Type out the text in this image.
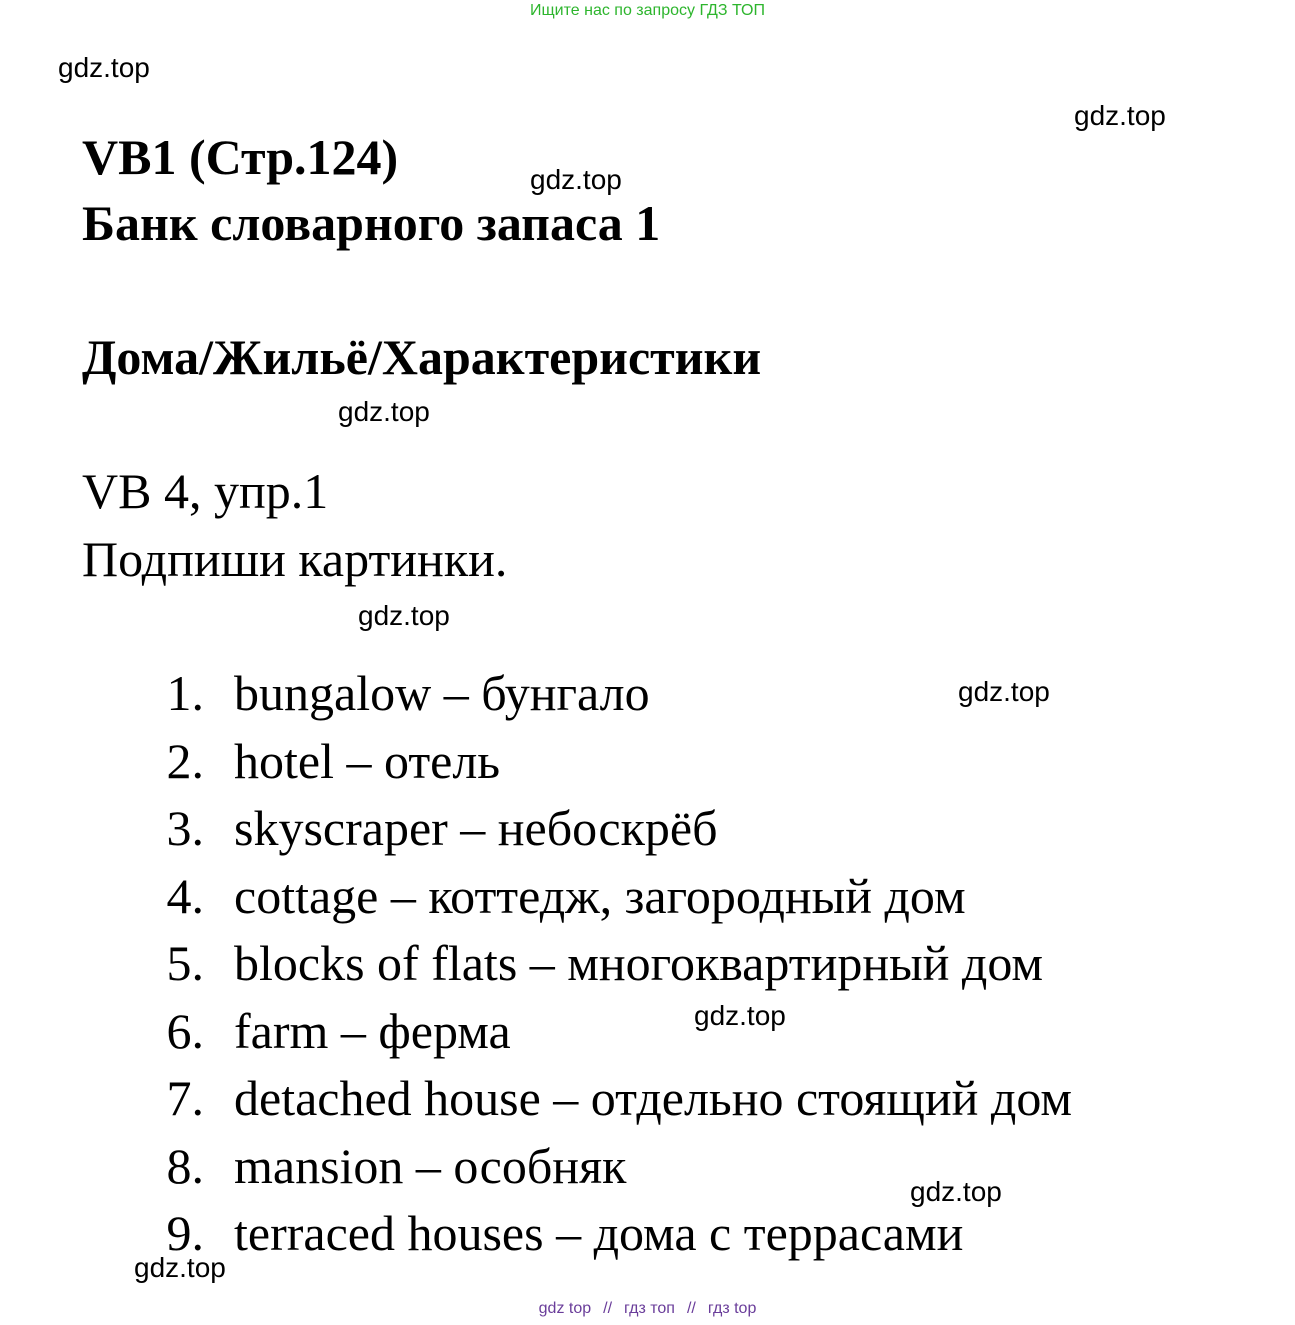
Ищите нас по запросу ГДЗ ТОП
gdz.top
gdz.top
gdz.top
gdz.top
gdz.top
gdz.top
gdz.top
gdz.top
gdz.top
VB1 (Стр.124)
Банк словарного запаса 1
Дома/Жильё/Характеристики
VB 4, упр.1
Подпиши картинки.
1. bungalow – бунгало
2. hotel – отель
3. skyscraper – небоскрёб
4. cottage – коттедж, загородный дом
5. blocks of flats – многоквартирный дом
6. farm – ферма
7. detached house – отдельно стоящий дом
8. mansion – особняк
9. terraced houses – дома с террасами
gdz top // гдз топ // гдз top
